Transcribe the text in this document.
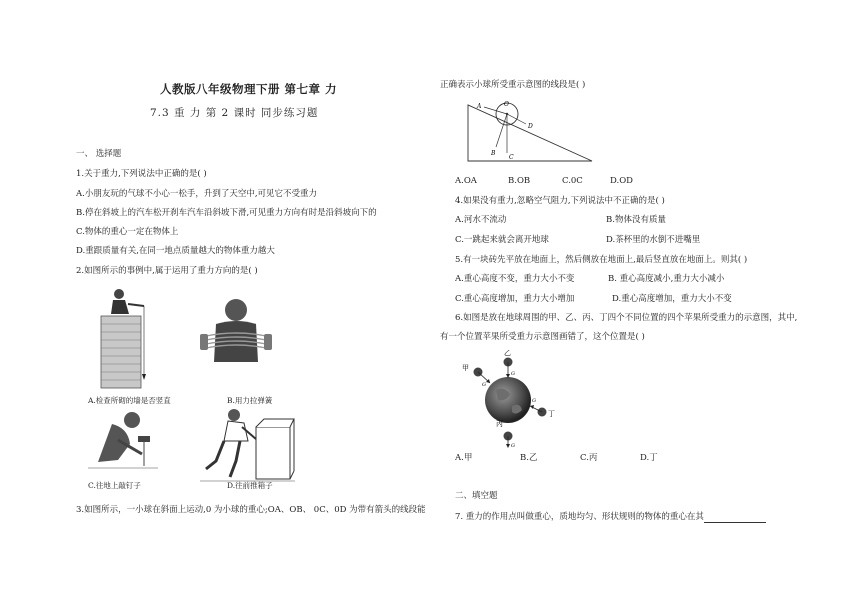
人教版八年级物理下册 第七章 力
7.3 重 力 第 2 课时 同步练习题
一、 选择题
1.关于重力,下列说法中正确的是( )
A.小朋友玩的气球不小心一松手，升到了天空中,可见它不受重力
B.停在斜坡上的汽车松开刹车汽车沿斜坡下滑,可见重力方向有时是沿斜坡向下的
C.物体的重心一定在物体上
D.重跟质量有关,在同一地点质量越大的物体重力越大
2.如图所示的事例中,属于运用了重力方向的是( )
A.检查所砌的墙是否竖直	B.用力拉弹簧
C.往地上敲钉子	D.往前推箱子
3.如图所示，一小球在斜面上运动,0 为小球的重心;OA、OB、 0C、0D 为带有箭头的线段能
正确表示小球所受重示意图的线段是( )
A	O
D
B
C
A.OA	B.OB	C.0C	D.OD
4.如果没有重力,忽略空气阻力,下列说法中不正确的是( )
A.河水不流动	B.物体没有质量
C.一跳起来就会离开地球	D.茶杯里的水倒不进嘴里
5.有一块砖先平放在地面上，然后侧放在地面上,最后竖直放在地面上。则其( )
A.重心高度不变，重力大小不变	B. 重心高度减小,重力大小减小
C.重心高度增加，重力大小增加	D.重心高度增加，重力大小不变
6.如图是放在地球周围的甲、乙、丙、丁四个不同位置的四个苹果所受重力的示意图，其中,
有一个位置苹果所受重力示意图画错了，这个位置是( )
甲
G
乙
G
丁
G
丙
G
A.甲	B.乙	C.丙	D.丁
二、填空题
7. 重力的作用点叫做重心，质地均匀、形状规则的物体的重心在其
